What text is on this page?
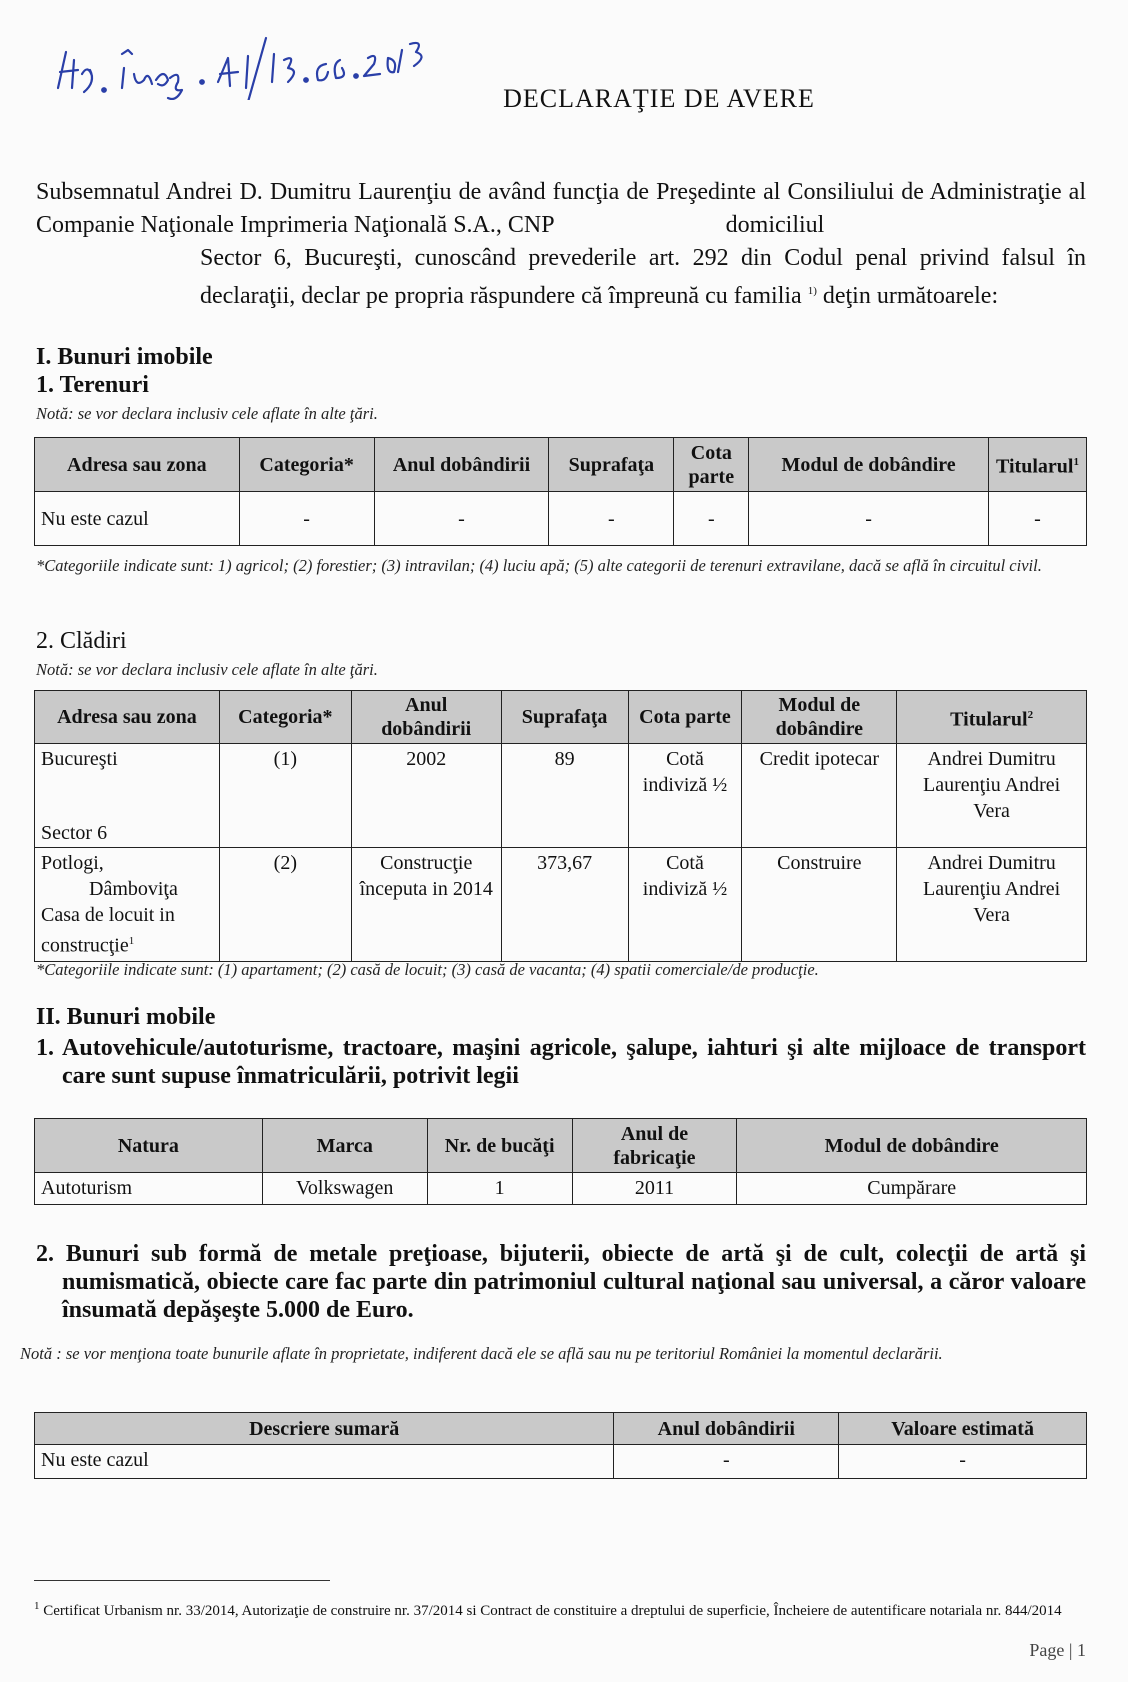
DECLARAŢIE DE AVERE

Subsemnatul Andrei D. Dumitru Laurenţiu de având funcţia de Preşedinte al Consiliului de Administraţie al Companie Naţionale Imprimeria Naţională S.A., CNP	domiciliul

Sector 6, Bucureşti, cunoscând prevederile art. 292 din Codul penal privind falsul în declaraţii, declar pe propria răspundere că împreună cu familia $^{1)}$ deţin următoarele:

I. Bunuri imobile
1. Terenuri
Notă: se vor declara inclusiv cele aflate în alte ţări.
Adresa sau zona	Categoria*	Anul dobândirii	Suprafaţa	Cota parte	Modul de dobândire	Titularul$^1$
Nu este cazul	-	-	-	-	-	-
*Categoriile indicate sunt: 1) agricol; (2) forestier; (3) intravilan; (4) luciu apă; (5) alte categorii de terenuri extravilane, dacă se află în circuitul civil.
2. Clădiri
Notă: se vor declara inclusiv cele aflate în alte ţări.
Adresa sau zona	Categoria*	Anul dobândirii	Suprafaţa	Cota parte	Modul de dobândire	Titularul$^2$

Bucureşti
Sector 6	(1)	2002	89	Cotă indiviză ½	Credit ipotecar	Andrei Dumitru Laurenţiu Andrei Vera

Potlogi,
Dâmboviţa
Casa de locuit in construcţie$^1$	(2)	Construcţie începuta in 2014	373,67	Cotă indiviză ½	Construire	Andrei Dumitru Laurenţiu Andrei Vera
*Categoriile indicate sunt: (1) apartament; (2) casă de locuit; (3) casă de vacanta; (4) spatii comerciale/de producţie.
II. Bunuri mobile
1. Autovehicule/autoturisme, tractoare, maşini agricole, şalupe, iahturi şi alte mijloace de transport care sunt supuse înmatriculării, potrivit legii
Natura	Marca	Nr. de bucăţi	Anul de fabricaţie	Modul de dobândire
Autoturism	Volkswagen	1	2011	Cumpărare
2. Bunuri sub formă de metale preţioase, bijuterii, obiecte de artă şi de cult, colecţii de artă şi numismatică, obiecte care fac parte din patrimoniul cultural naţional sau universal, a căror valoare însumată depăşeşte 5.000 de Euro.
Notă : se vor menţiona toate bunurile aflate în proprietate, indiferent dacă ele se află sau nu pe teritoriul României la momentul declarării.
Descriere sumară	Anul dobândirii	Valoare estimată
Nu este cazul	-	-
$^1$ Certificat Urbanism nr. 33/2014, Autorizaţie de construire nr. 37/2014 si Contract de constituire a dreptului de superficie, Încheiere de autentificare notariala nr. 844/2014
Page | 1
